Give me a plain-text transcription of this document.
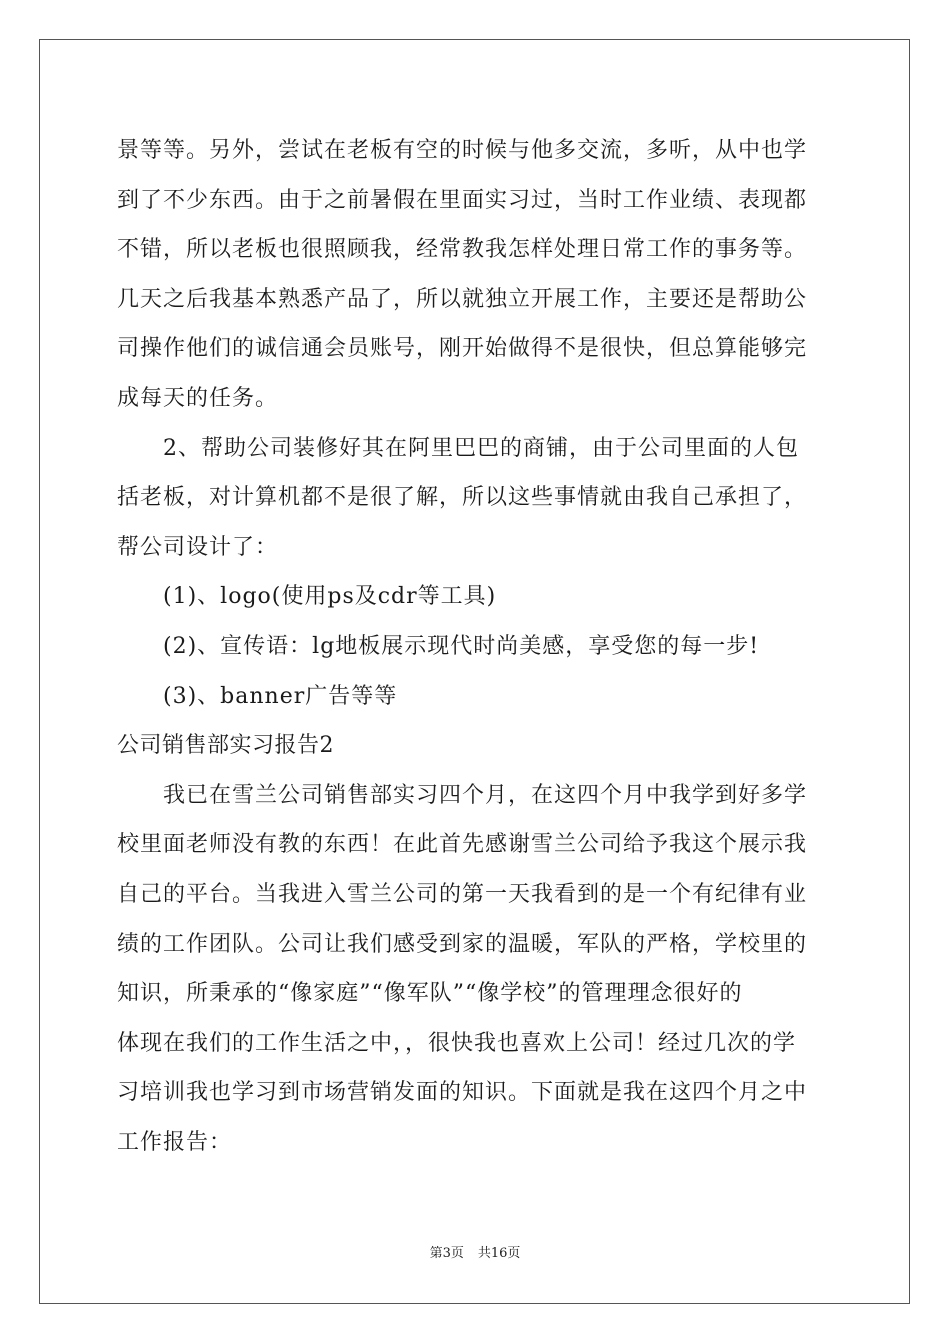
景等等。另外，尝试在老板有空的时候与他多交流，多听，从中也学
到了不少东西。由于之前暑假在里面实习过，当时工作业绩、表现都
不错，所以老板也很照顾我，经常教我怎样处理日常工作的事务等。
几天之后我基本熟悉产品了，所以就独立开展工作，主要还是帮助公
司操作他们的诚信通会员账号，刚开始做得不是很快，但总算能够完
成每天的任务。
2、帮助公司装修好其在阿里巴巴的商铺，由于公司里面的人包
括老板，对计算机都不是很了解，所以这些事情就由我自己承担了，
帮公司设计了：
(1)、logo(使用ps及cdr等工具)
(2)、宣传语：lg地板展示现代时尚美感，享受您的每一步!
(3)、banner广告等等
公司销售部实习报告2
我已在雪兰公司销售部实习四个月，在这四个月中我学到好多学
校里面老师没有教的东西！在此首先感谢雪兰公司给予我这个展示我
自己的平台。当我进入雪兰公司的第一天我看到的是一个有纪律有业
绩的工作团队。公司让我们感受到家的温暖，军队的严格，学校里的
知识，所秉承的“像家庭”“像军队”“像学校”的管理理念很好的
体现在我们的工作生活之中，，很快我也喜欢上公司！经过几次的学
习培训我也学习到市场营销发面的知识。下面就是我在这四个月之中
工作报告：
第3页 共16页
